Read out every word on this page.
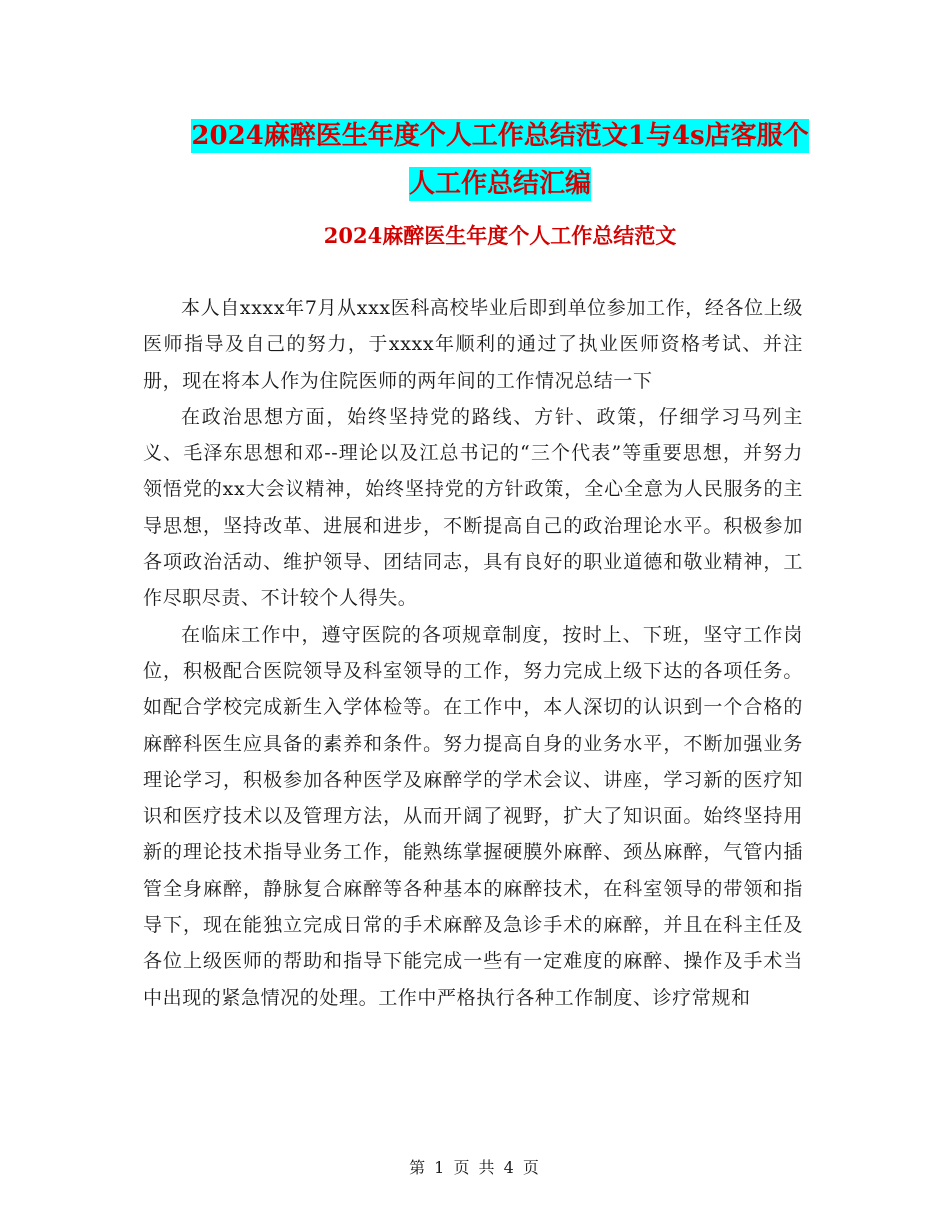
2024麻醉医生年度个人工作总结范文1与4s店客服个
人工作总结汇编
2024麻醉医生年度个人工作总结范文

本人自xxxx年7月从xxx医科高校毕业后即到单位参加工作，经各位上级医师指导及自己的努力，于xxxx年顺利的通过了执业医师资格考试、并注册，现在将本人作为住院医师的两年间的工作情况总结一下

在政治思想方面，始终坚持党的路线、方针、政策，仔细学习马列主义、毛泽东思想和邓--理论以及江总书记的“三个代表”等重要思想，并努力领悟党的xx大会议精神，始终坚持党的方针政策，全心全意为人民服务的主导思想，坚持改革、进展和进步，不断提高自己的政治理论水平。积极参加各项政治活动、维护领导、团结同志，具有良好的职业道德和敬业精神，工作尽职尽责、不计较个人得失。

在临床工作中，遵守医院的各项规章制度，按时上、下班，坚守工作岗位，积极配合医院领导及科室领导的工作，努力完成上级下达的各项任务。如配合学校完成新生入学体检等。在工作中，本人深切的认识到一个合格的麻醉科医生应具备的素养和条件。努力提高自身的业务水平，不断加强业务理论学习，积极参加各种医学及麻醉学的学术会议、讲座，学习新的医疗知识和医疗技术以及管理方法，从而开阔了视野，扩大了知识面。始终坚持用新的理论技术指导业务工作，能熟练掌握硬膜外麻醉、颈丛麻醉，气管内插管全身麻醉，静脉复合麻醉等各种基本的麻醉技术，在科室领导的带领和指导下，现在能独立完成日常的手术麻醉及急诊手术的麻醉，并且在科主任及各位上级医师的帮助和指导下能完成一些有一定难度的麻醉、操作及手术当中出现的紧急情况的处理。工作中严格执行各种工作制度、诊疗常规和

第 1 页 共 4 页
